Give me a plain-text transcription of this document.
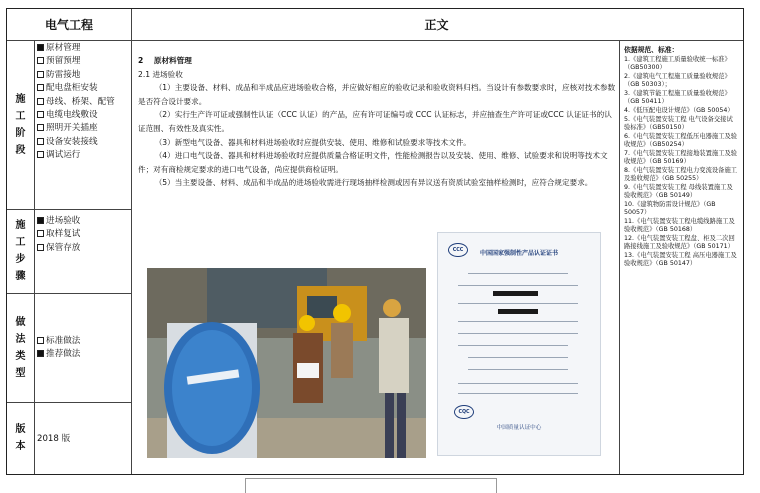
电气工程	正文
施
工
阶
段
原材管理
预留预埋
防雷接地
配电盘柜安装
母线、桥架、配管
电缆电线敷设
照明开关插座
设备安装接线
调试运行
施
工
步
骤
进场验收
取样复试
保管存放
做
法
类
型
标准做法
推荐做法
版
本
2018 版

2 原材料管理

2.1 进场验收

（1）主要设备、材料、成品和半成品应进场验收合格，并应做好相应的验收记录和验收资料归档。当设计有参数要求时，应核对技术参数是否符合设计要求。

（2）实行生产许可证或强制性认证（CCC 认证）的产品，应有许可证编号或 CCC 认证标志，并应抽查生产许可证或CCC 认证证书的认证范围、有效性及真实性。

（3）新型电气设备、器具和材料进场验收时应提供安装、使用、维修和试验要求等技术文件。

（4）进口电气设备、器具和材料进场验收时应提供质量合格证明文件，性能检测报告以及安装、使用、维修、试验要求和说明等技术文件；对有商检规定要求的进口电气设备，尚应提供商检证明。

（5）当主要设备、材料、成品和半成品的进场验收需进行现场抽样检测或因有异议送有资质试验室抽样检测时，应符合规定要求。

CCC	中国国家强制性产品认证证书
CQC
中国质量认证中心
依据规范、标准：
1.《建筑工程施工质量验收统一标准》（GB50300）
2.《建筑电气工程施工质量验收规范》（GB 50303）；
3.《建筑节能工程施工质量验收规范》（GB 50411）
4.《低压配电设计规范》（GB 50054）
5.《电气装置安装工程 电气设备交接试验标准》（GB50150）
6.《电气装置安装工程低压电器施工及验收规范》（GB50254）
7.《电气装置安装工程接地装置施工及验收规范》（GB 50169）
8.《电气装置安装工程电力变流设备施工及验收规范》（GB 50255）
9.《电气装置安装工程 母线装置施工及验收规范》（GB 50149）
10.《建筑物防雷设计规范》（GB 50057）
11.《电气装置安装工程电缆线路施工及验收规范》（GB 50168）
12.《电气装置安装工程盘、柜及二次回路接线施工及验收规范》（GB 50171）
13.《电气装置安装工程 高压电器施工及验收规范》（GB 50147）
